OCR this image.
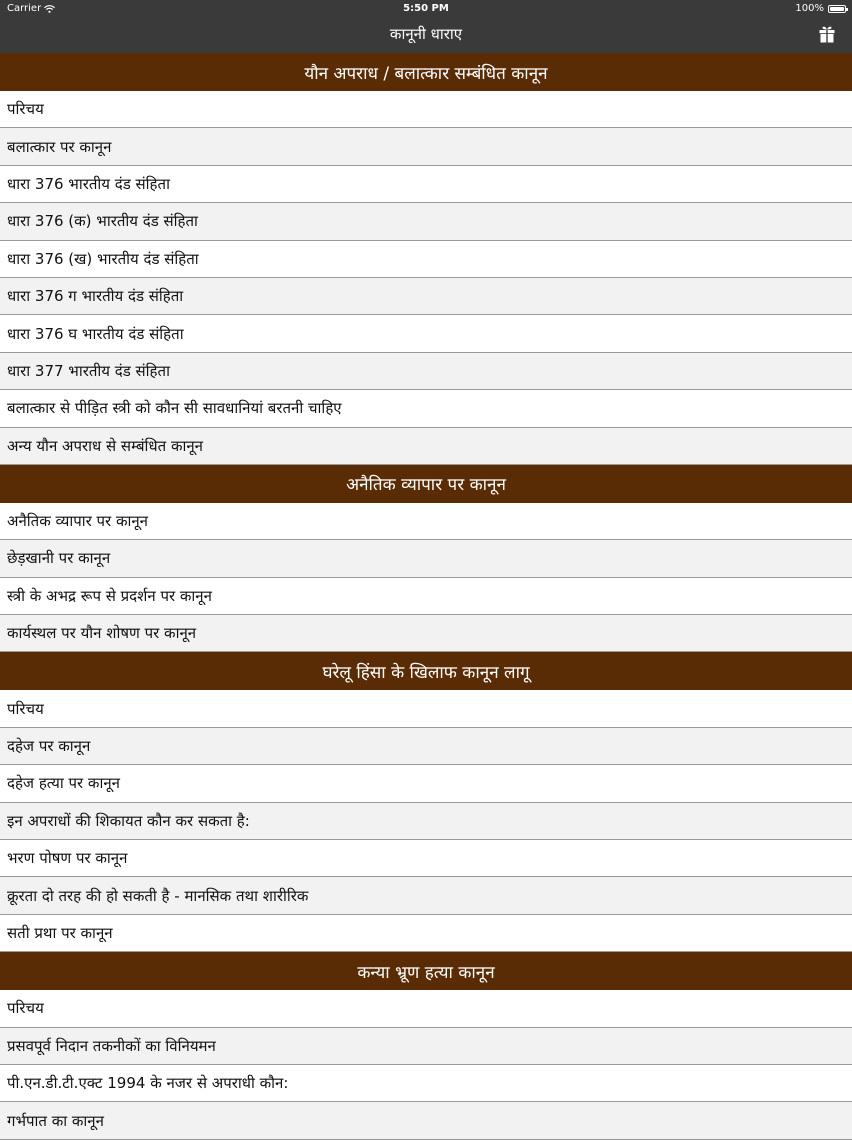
Carrier	5:50 PM	100%
कानूनी धाराए
यौन अपराध / बलात्कार सम्बंधित कानून
परिचय
बलात्कार पर कानून
धारा 376 भारतीय दंड संहिता
धारा 376 (क) भारतीय दंड संहिता
धारा 376 (ख) भारतीय दंड संहिता
धारा 376 ग भारतीय दंड संहिता
धारा 376 घ भारतीय दंड संहिता
धारा 377 भारतीय दंड संहिता
बलात्कार से पीड़ित स्त्री को कौन सी सावधानियां बरतनी चाहिए
अन्य यौन अपराध से सम्बंधित कानून
अनैतिक व्यापार पर कानून
अनैतिक व्यापार पर कानून
छेड़खानी पर कानून
स्त्री के अभद्र रूप से प्रदर्शन पर कानून
कार्यस्थल पर यौन शोषण पर कानून
घरेलू हिंसा के खिलाफ कानून लागू
परिचय
दहेज पर कानून
दहेज हत्या पर कानून
इन अपराधों की शिकायत कौन कर सकता है:
भरण पोषण पर कानून
क्रूरता दो तरह की हो सकती है - मानसिक तथा शारीरिक
सती प्रथा पर कानून
कन्या भ्रूण हत्या कानून
परिचय
प्रसवपूर्व निदान तकनीकों का विनियमन
पी.एन.डी.टी.एक्ट 1994 के नजर से अपराधी कौन:
गर्भपात का कानून
